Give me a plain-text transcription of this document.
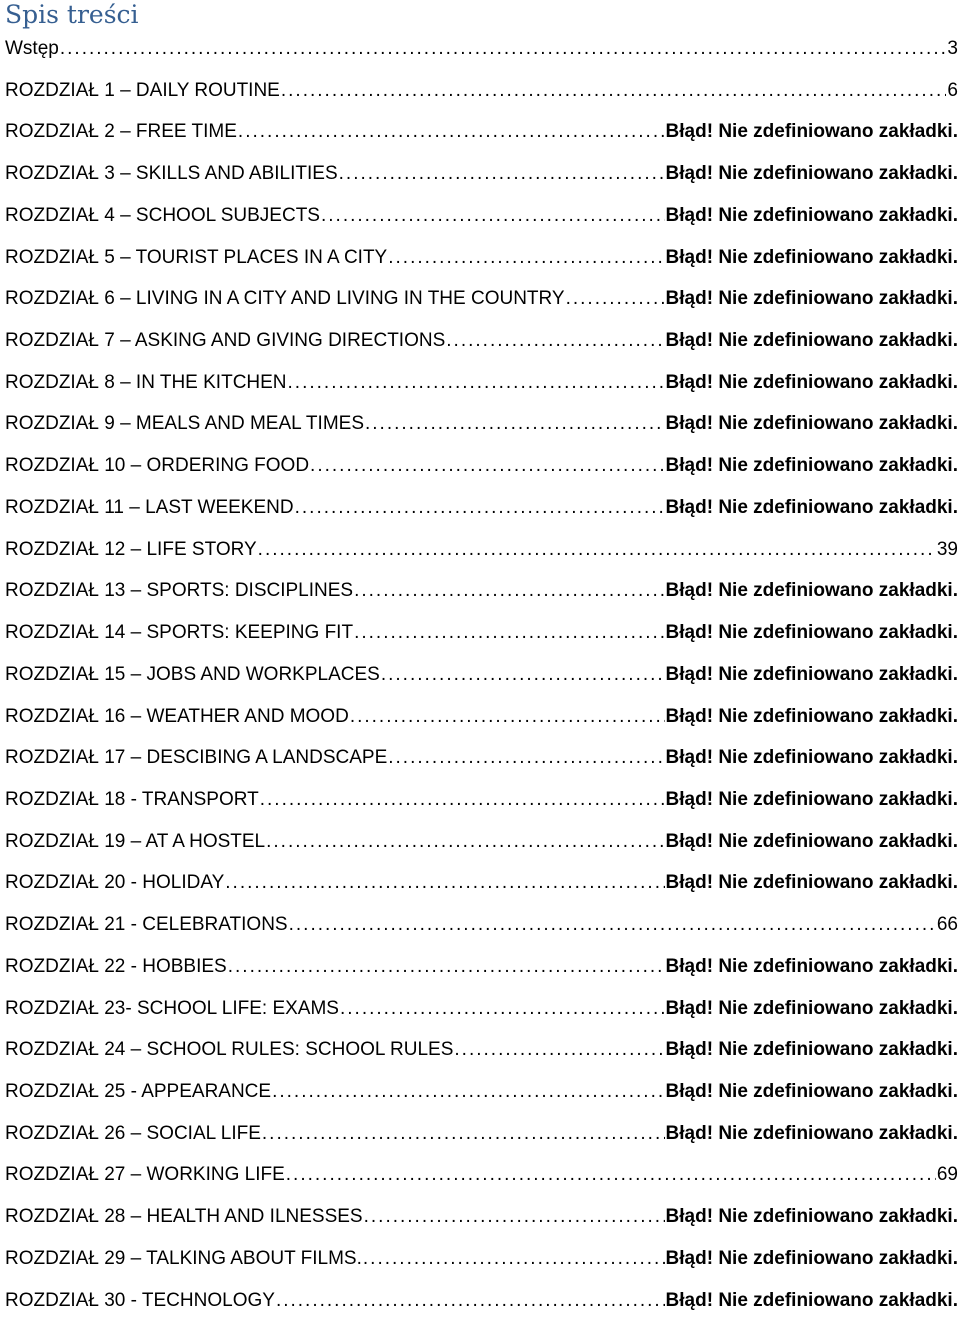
Spis treści
Wstęp .....	3
ROZDZIAŁ 1 – DAILY ROUTINE .....	6
ROZDZIAŁ 2 – FREE TIME .....	Błąd! Nie zdefiniowano zakładki.
ROZDZIAŁ 3 – SKILLS AND ABILITIES .....	Błąd! Nie zdefiniowano zakładki.
ROZDZIAŁ 4 – SCHOOL SUBJECTS .....	Błąd! Nie zdefiniowano zakładki.
ROZDZIAŁ 5 – TOURIST PLACES IN A CITY .....	Błąd! Nie zdefiniowano zakładki.
ROZDZIAŁ 6 – LIVING IN A CITY AND LIVING IN THE COUNTRY .....	Błąd! Nie zdefiniowano zakładki.
ROZDZIAŁ 7 – ASKING AND GIVING DIRECTIONS .....	Błąd! Nie zdefiniowano zakładki.
ROZDZIAŁ 8 – IN THE KITCHEN .....	Błąd! Nie zdefiniowano zakładki.
ROZDZIAŁ 9 – MEALS AND MEAL TIMES .....	Błąd! Nie zdefiniowano zakładki.
ROZDZIAŁ 10 – ORDERING FOOD .....	Błąd! Nie zdefiniowano zakładki.
ROZDZIAŁ 11 – LAST WEEKEND .....	Błąd! Nie zdefiniowano zakładki.
ROZDZIAŁ 12 – LIFE STORY .....	39
ROZDZIAŁ 13 – SPORTS: DISCIPLINES .....	Błąd! Nie zdefiniowano zakładki.
ROZDZIAŁ 14 – SPORTS: KEEPING FIT .....	Błąd! Nie zdefiniowano zakładki.
ROZDZIAŁ 15 – JOBS AND WORKPLACES .....	Błąd! Nie zdefiniowano zakładki.
ROZDZIAŁ 16 – WEATHER AND MOOD .....	Błąd! Nie zdefiniowano zakładki.
ROZDZIAŁ 17 – DESCIBING A LANDSCAPE .....	Błąd! Nie zdefiniowano zakładki.
ROZDZIAŁ 18 - TRANSPORT .....	Błąd! Nie zdefiniowano zakładki.
ROZDZIAŁ 19 – AT A HOSTEL .....	Błąd! Nie zdefiniowano zakładki.
ROZDZIAŁ 20 - HOLIDAY .....	Błąd! Nie zdefiniowano zakładki.
ROZDZIAŁ 21 - CELEBRATIONS .....	66
ROZDZIAŁ 22 - HOBBIES .....	Błąd! Nie zdefiniowano zakładki.
ROZDZIAŁ 23- SCHOOL LIFE: EXAMS .....	Błąd! Nie zdefiniowano zakładki.
ROZDZIAŁ 24 – SCHOOL RULES: SCHOOL RULES .....	Błąd! Nie zdefiniowano zakładki.
ROZDZIAŁ 25 - APPEARANCE .....	Błąd! Nie zdefiniowano zakładki.
ROZDZIAŁ 26 – SOCIAL LIFE .....	Błąd! Nie zdefiniowano zakładki.
ROZDZIAŁ 27 – WORKING LIFE .....	69
ROZDZIAŁ 28 – HEALTH AND ILNESSES .....	Błąd! Nie zdefiniowano zakładki.
ROZDZIAŁ 29 – TALKING ABOUT FILMS. .....	Błąd! Nie zdefiniowano zakładki.
ROZDZIAŁ 30 - TECHNOLOGY .....	Błąd! Nie zdefiniowano zakładki.
